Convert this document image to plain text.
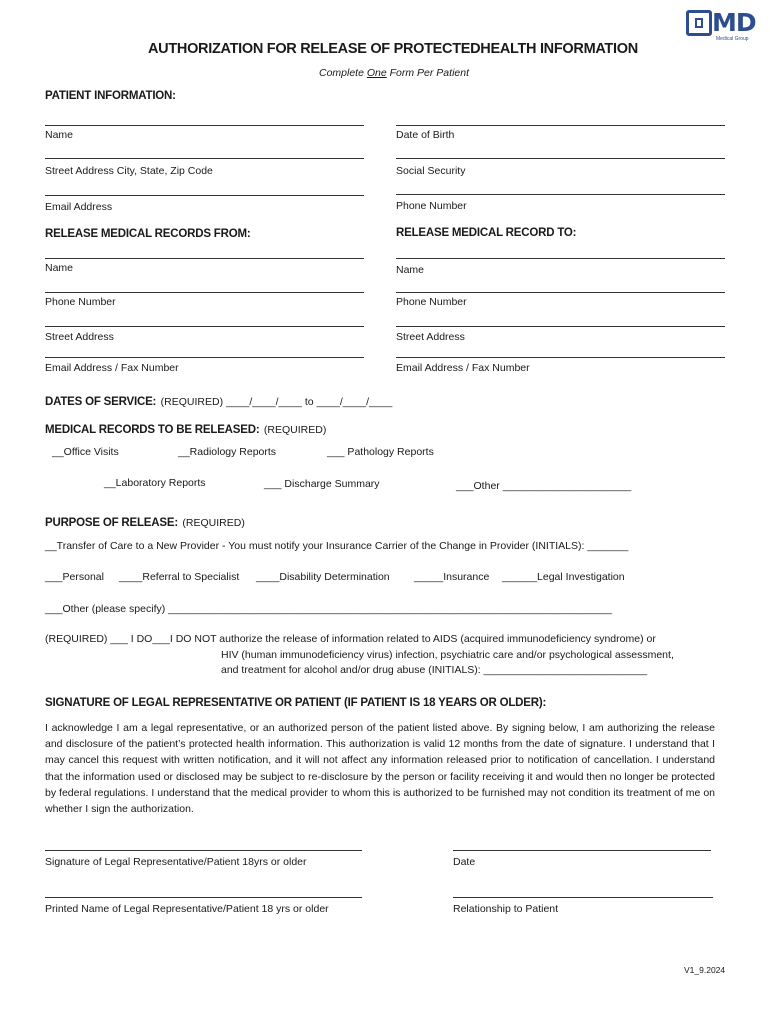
MD
Medical Group
AUTHORIZATION FOR RELEASE OF PROTECTEDHEALTH INFORMATION
Complete One Form Per Patient
PATIENT INFORMATION:
Name	Date of Birth
Street Address City, State, Zip Code	Social Security
Email Address	Phone Number
RELEASE MEDICAL RECORDS FROM:	RELEASE MEDICAL RECORD TO:
Name	Name
Phone Number	Phone Number
Street Address	Street Address
Email Address / Fax Number	Email Address / Fax Number
DATES OF SERVICE: (REQUIRED) ____/____/____ to ____/____/____
MEDICAL RECORDS TO BE RELEASED: (REQUIRED)
__Office Visits	__Radiology Reports	___ Pathology Reports
__Laboratory Reports	___ Discharge Summary	___Other ______________________
PURPOSE OF RELEASE: (REQUIRED)
__Transfer of Care to a New Provider - You must notify your Insurance Carrier of the Change in Provider (INITIALS): _______
___Personal ____Referral to Specialist ____Disability Determination _____Insurance ______Legal Investigation
___Other (please specify) ____________________________________________________________________________
(REQUIRED) ___ I DO___I DO NOT authorize the release of information related to AIDS (acquired immunodeficiency syndrome) or
HIV (human immunodeficiency virus) infection, psychiatric care and/or psychological assessment,
and treatment for alcohol and/or drug abuse (INITIALS): ____________________________
SIGNATURE OF LEGAL REPRESENTATIVE OR PATIENT (IF PATIENT IS 18 YEARS OR OLDER):
I acknowledge I am a legal representative, or an authorized person of the patient listed above. By signing below, I am authorizing the release and disclosure of the patient’s protected health information. This authorization is valid 12 months from the date of signature. I understand that I may cancel this request with written notification, and it will not affect any information released prior to notification of cancellation. I understand that the information used or disclosed may be subject to re-disclosure by the person or facility receiving it and would then no longer be protected by federal regulations. I understand that the medical provider to whom this is authorized to be furnished may not condition its treatment of me on whether I sign the authorization.
Signature of Legal Representative/Patient 18yrs or older	Date
Printed Name of Legal Representative/Patient 18 yrs or older	Relationship to Patient
V1_9.2024
